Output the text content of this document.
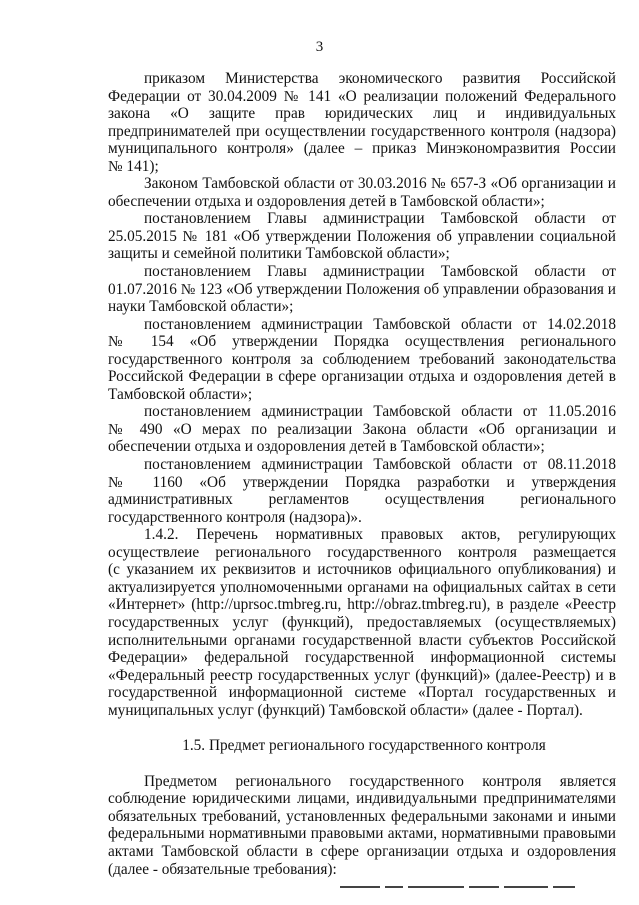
3
приказом Министерства экономического развития Российской
Федерации от 30.04.2009 № 141 «О реализации положений Федерального
закона «О защите прав юридических лиц и индивидуальных
предпринимателей при осуществлении государственного контроля (надзора)
муниципального контроля» (далее – приказ Минэкономразвития России
№ 141);
Законом Тамбовской области от 30.03.2016 № 657-З «Об организации и
обеспечении отдыха и оздоровления детей в Тамбовской области»;
постановлением Главы администрации Тамбовской области от
25.05.2015 № 181 «Об утверждении Положения об управлении социальной
защиты и семейной политики Тамбовской области»;
постановлением Главы администрации Тамбовской области от
01.07.2016 № 123 «Об утверждении Положения об управлении образования и
науки Тамбовской области»;
постановлением администрации Тамбовской области от 14.02.2018
№ 154 «Об утверждении Порядка осуществления регионального
государственного контроля за соблюдением требований законодательства
Российской Федерации в сфере организации отдыха и оздоровления детей в
Тамбовской области»;
постановлением администрации Тамбовской области от 11.05.2016
№ 490 «О мерах по реализации Закона области «Об организации и
обеспечении отдыха и оздоровления детей в Тамбовской области»;
постановлением администрации Тамбовской области от 08.11.2018
№ 1160 «Об утверждении Порядка разработки и утверждения
административных регламентов осуществления регионального
государственного контроля (надзора)».
1.4.2. Перечень нормативных правовых актов, регулирующих
осуществлеие регионального государственного контроля размещается
(с указанием их реквизитов и источников официального опубликования) и
актуализируется уполномоченными органами на официальных сайтах в сети
«Интернет» (http://uprsoc.tmbreg.ru, http://obraz.tmbreg.ru), в разделе «Реестр
государственных услуг (функций), предоставляемых (осуществляемых)
исполнительными органами государственной власти субъектов Российской
Федерации» федеральной государственной информационной системы
«Федеральный реестр государственных услуг (функций)» (далее-Реестр) и в
государственной информационной системе «Портал государственных и
муниципальных услуг (функций) Тамбовской области» (далее - Портал).
1.5. Предмет регионального государственного контроля
Предметом регионального государственного контроля является
соблюдение юридическими лицами, индивидуальными предпринимателями
обязательных требований, установленных федеральными законами и иными
федеральными нормативными правовыми актами, нормативными правовыми
актами Тамбовской области в сфере организации отдыха и оздоровления
(далее - обязательные требования):
